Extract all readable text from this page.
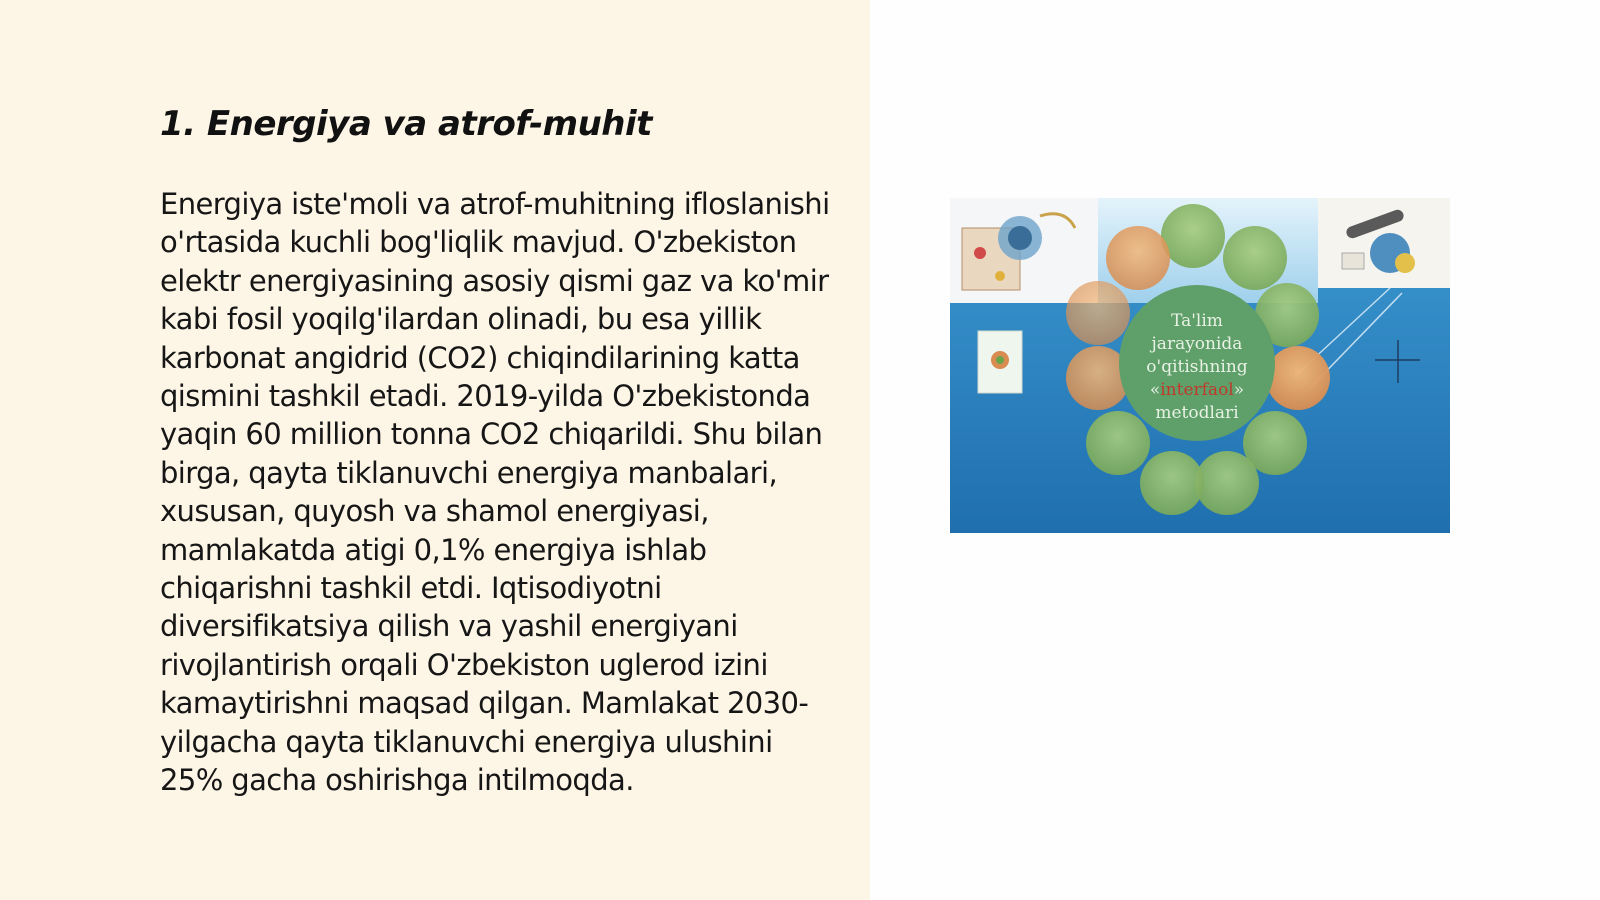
1. Energiya va atrof-muhit

Energiya iste'moli va atrof-muhitning ifloslanishi o'rtasida kuchli bog'liqlik mavjud. O'zbekiston elektr energiyasining asosiy qismi gaz va ko'mir kabi fosil yoqilg'ilardan olinadi, bu esa yillik karbonat angidrid (CO2) chiqindilarining katta qismini tashkil etadi. 2019-yilda O'zbekistonda yaqin 60 million tonna CO2 chiqarildi. Shu bilan birga, qayta tiklanuvchi energiya manbalari, xususan, quyosh va shamol energiyasi, mamlakatda atigi 0,1% energiya ishlab chiqarishni tashkil etdi. Iqtisodiyotni diversifikatsiya qilish va yashil energiyani rivojlantirish orqali O'zbekiston uglerod izini kamaytirishni maqsad qilgan. Mamlakat 2030-yilgacha qayta tiklanuvchi energiya ulushini 25% gacha oshirishga intilmoqda.

Ta'lim
jarayonida
o'qitishning
«interfaol»
metodlari
